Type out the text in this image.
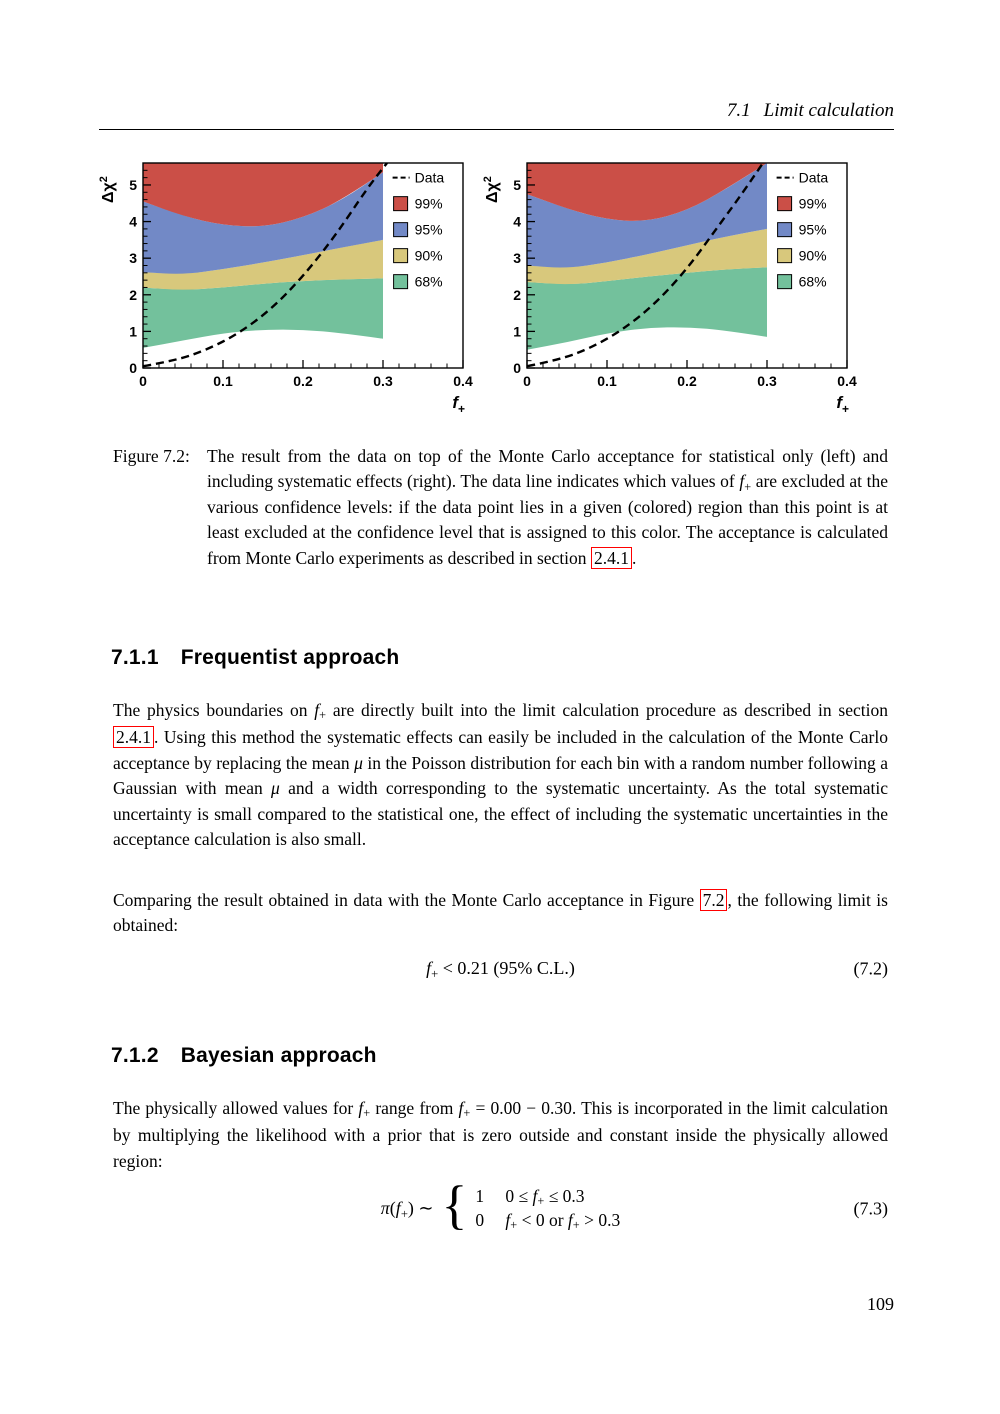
7.1 Limit calculation
0
1
2
3
4
5
0	0.1	0.2	0.3	0.4
$\Delta\chi^2$
$f_+$
Data
99%
95%
90%
68%
0
1
2
3
4
5
0	0.1	0.2	0.3	0.4
$\Delta\chi^2$
$f_+$
Data
99%
95%
90%
68%
Figure 7.2: The result from the data on top of the Monte Carlo acceptance for statistical only (left) and including systematic effects (right). The data line indicates which values of f+ are excluded at the various confidence levels: if the data point lies in a given (colored) region than this point is at least excluded at the confidence level that is assigned to this color. The acceptance is calculated from Monte Carlo experiments as described in section 2.4.1 .
7.1.1 Frequentist approach
The physics boundaries on f+ are directly built into the limit calculation procedure as described in section 2.4.1 . Using this method the systematic effects can easily be included in the calculation of the Monte Carlo acceptance by replacing the mean μ in the Poisson distribution for each bin with a random number following a Gaussian with mean μ and a width corresponding to the systematic uncertainty. As the total systematic uncertainty is small compared to the statistical one, the effect of including the systematic uncertainties in the acceptance calculation is also small.
Comparing the result obtained in data with the Monte Carlo acceptance in Figure 7.2 , the following limit is obtained:
f+ < 0.21 (95% C.L.)	(7.2)
7.1.2 Bayesian approach
The physically allowed values for f+ range from f+ = 0.00 − 0.30. This is incorporated in the limit calculation by multiplying the likelihood with a prior that is zero outside and constant inside the physically allowed region:
π(f+) ∼ { 1	0 ≤ f+ ≤ 0.3
0	f+ < 0 or f+ > 0.3
(7.3)
109
